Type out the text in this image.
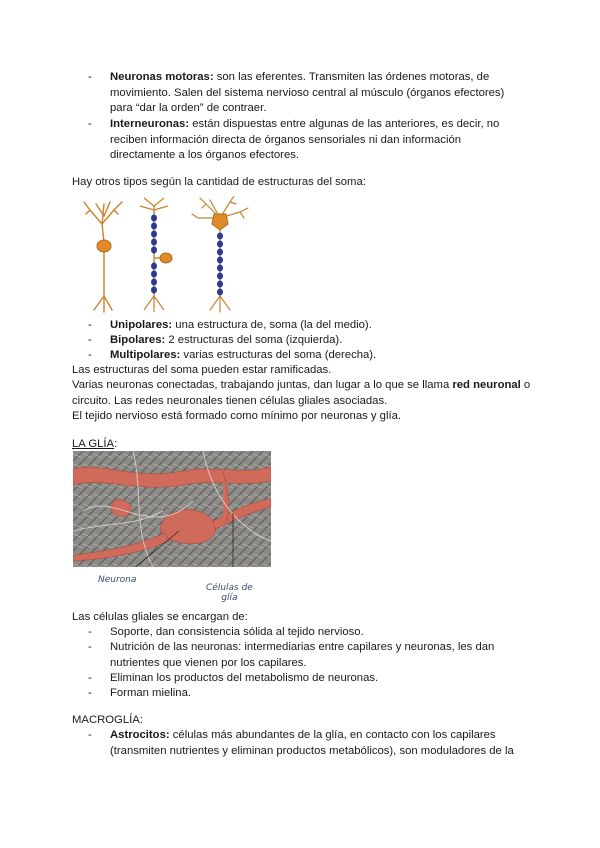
-	Neuronas motoras: son las eferentes. Transmiten las órdenes motoras, de movimiento. Salen del sistema nervioso central al músculo (órganos efectores) para “dar la orden” de contraer.
-	Interneuronas: están dispuestas entre algunas de las anteriores, es decir, no reciben información directa de órganos sensoriales ni dan información directamente a los órganos efectores.
Hay otros tipos según la cantidad de estructuras del soma:
-	Unipolares: una estructura de, soma (la del medio).
-	Bipolares: 2 estructuras del soma (izquierda).
-	Multipolares: varias estructuras del soma (derecha).
Las estructuras del soma pueden estar ramificadas.
Varias neuronas conectadas, trabajando juntas, dan lugar a lo que se llama red neuronal o circuito. Las redes neuronales tienen células gliales asociadas.
El tejido nervioso está formado como mínimo por neuronas y glía.
LA GLÍA:
Neurona
Células de
glía
Las células gliales se encargan de:
-	Soporte, dan consistencia sólida al tejido nervioso.
-	Nutrición de las neuronas: intermediarias entre capilares y neuronas, les dan nutrientes que vienen por los capilares.
-	Eliminan los productos del metabolismo de neuronas.
-	Forman mielina.
MACROGLÍA:
-	Astrocitos: células más abundantes de la glía, en contacto con los capilares (transmiten nutrientes y eliminan productos metabólicos), son moduladores de la
